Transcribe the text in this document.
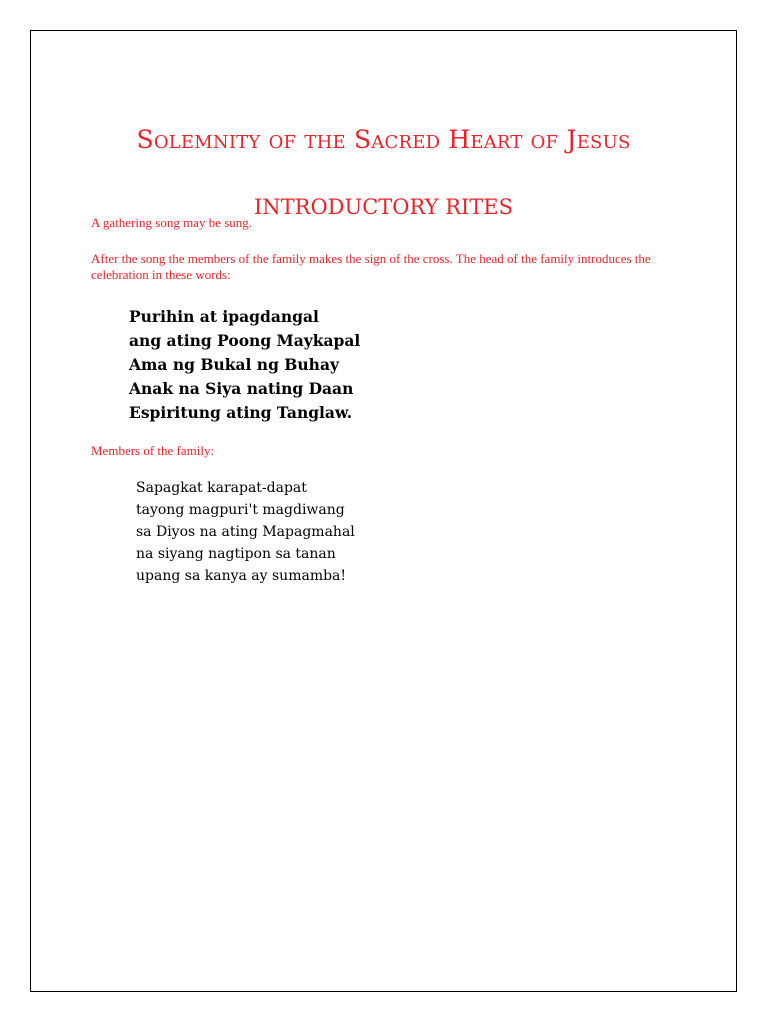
Solemnity of the Sacred Heart of Jesus
INTRODUCTORY RITES

A gathering song may be sung.

After the song the members of the family makes the sign of the cross. The head of the family introduces the celebration in these words:

Purihin at ipagdangal
ang ating Poong Maykapal
Ama ng Bukal ng Buhay
Anak na Siya nating Daan
Espiritung ating Tanglaw.

Members of the family:

Sapagkat karapat-dapat
tayong magpuri't magdiwang
sa Diyos na ating Mapagmahal
na siyang nagtipon sa tanan
upang sa kanya ay sumamba!
